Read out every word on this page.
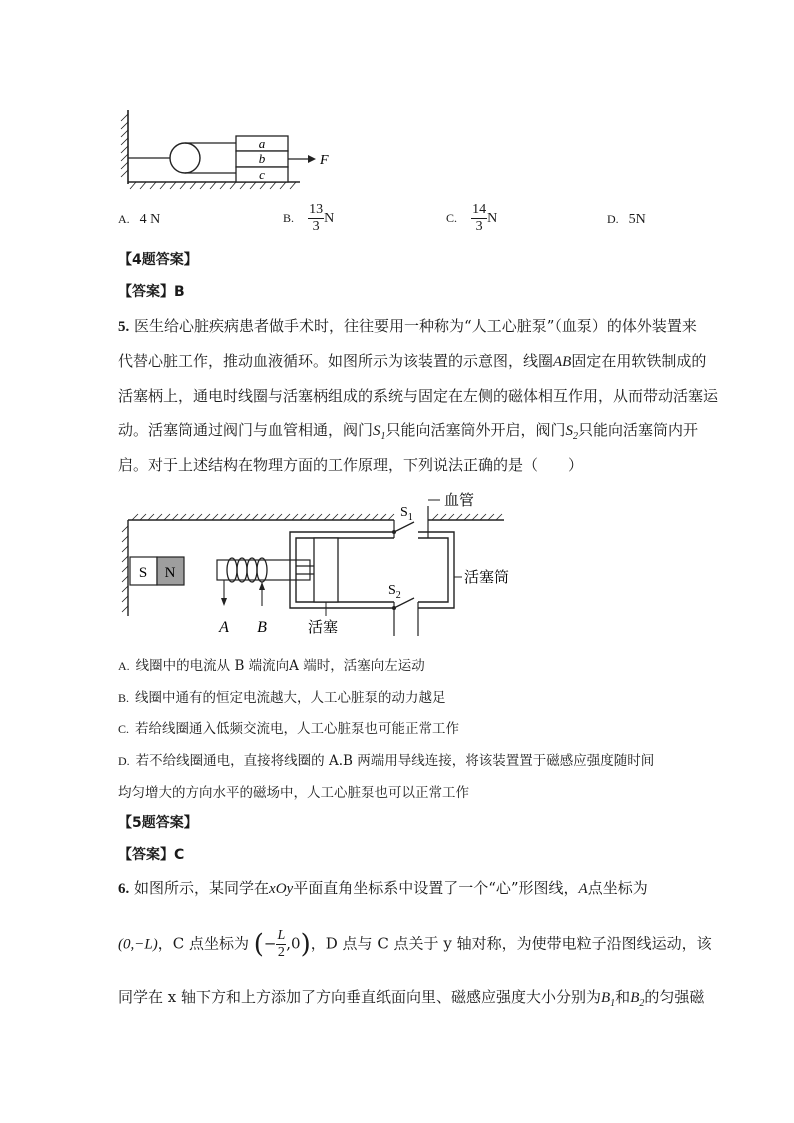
a
b
c
F
A. 4 N	B. $\frac{13}{3}$ N	C. $\frac{14}{3}$ N	D. 5N
【4题答案】
【答案】B
5. 医生给心脏疾病患者做手术时，往往要用一种称为“人工心脏泵”（血泵）的体外装置来
代替心脏工作，推动血液循环。如图所示为该装置的示意图，线圈AB固定在用软铁制成的
活塞柄上，通电时线圈与活塞柄组成的系统与固定在左侧的磁体相互作用，从而带动活塞运
动。活塞筒通过阀门与血管相通，阀门$S_1$只能向活塞筒外开启，阀门$S_2$只能向活塞筒内开
启。对于上述结构在物理方面的工作原理，下列说法正确的是（　　）
S N
A B
$S_1$
血管
$S_2$
活塞筒
活塞
A. 线圈中的电流从 B 端流向A 端时，活塞向左运动
B. 线圈中通有的恒定电流越大，人工心脏泵的动力越足
C. 若给线圈通入低频交流电，人工心脏泵也可能正常工作
D. 若不给线圈通电，直接将线圈的 A.B 两端用导线连接，将该装置置于磁感应强度随时间
均匀增大的方向水平的磁场中，人工心脏泵也可以正常工作
【5题答案】
【答案】C
6. 如图所示，某同学在xOy平面直角坐标系中设置了一个“心”形图线，A点坐标为
(0,−L)，C 点坐标为 (− $\frac{L}{2} ,0$)，D 点与 C 点关于 y 轴对称，为使带电粒子沿图线运动，该
同学在 x 轴下方和上方添加了方向垂直纸面向里、磁感应强度大小分别为$B_1$和$B_2$的匀强磁
